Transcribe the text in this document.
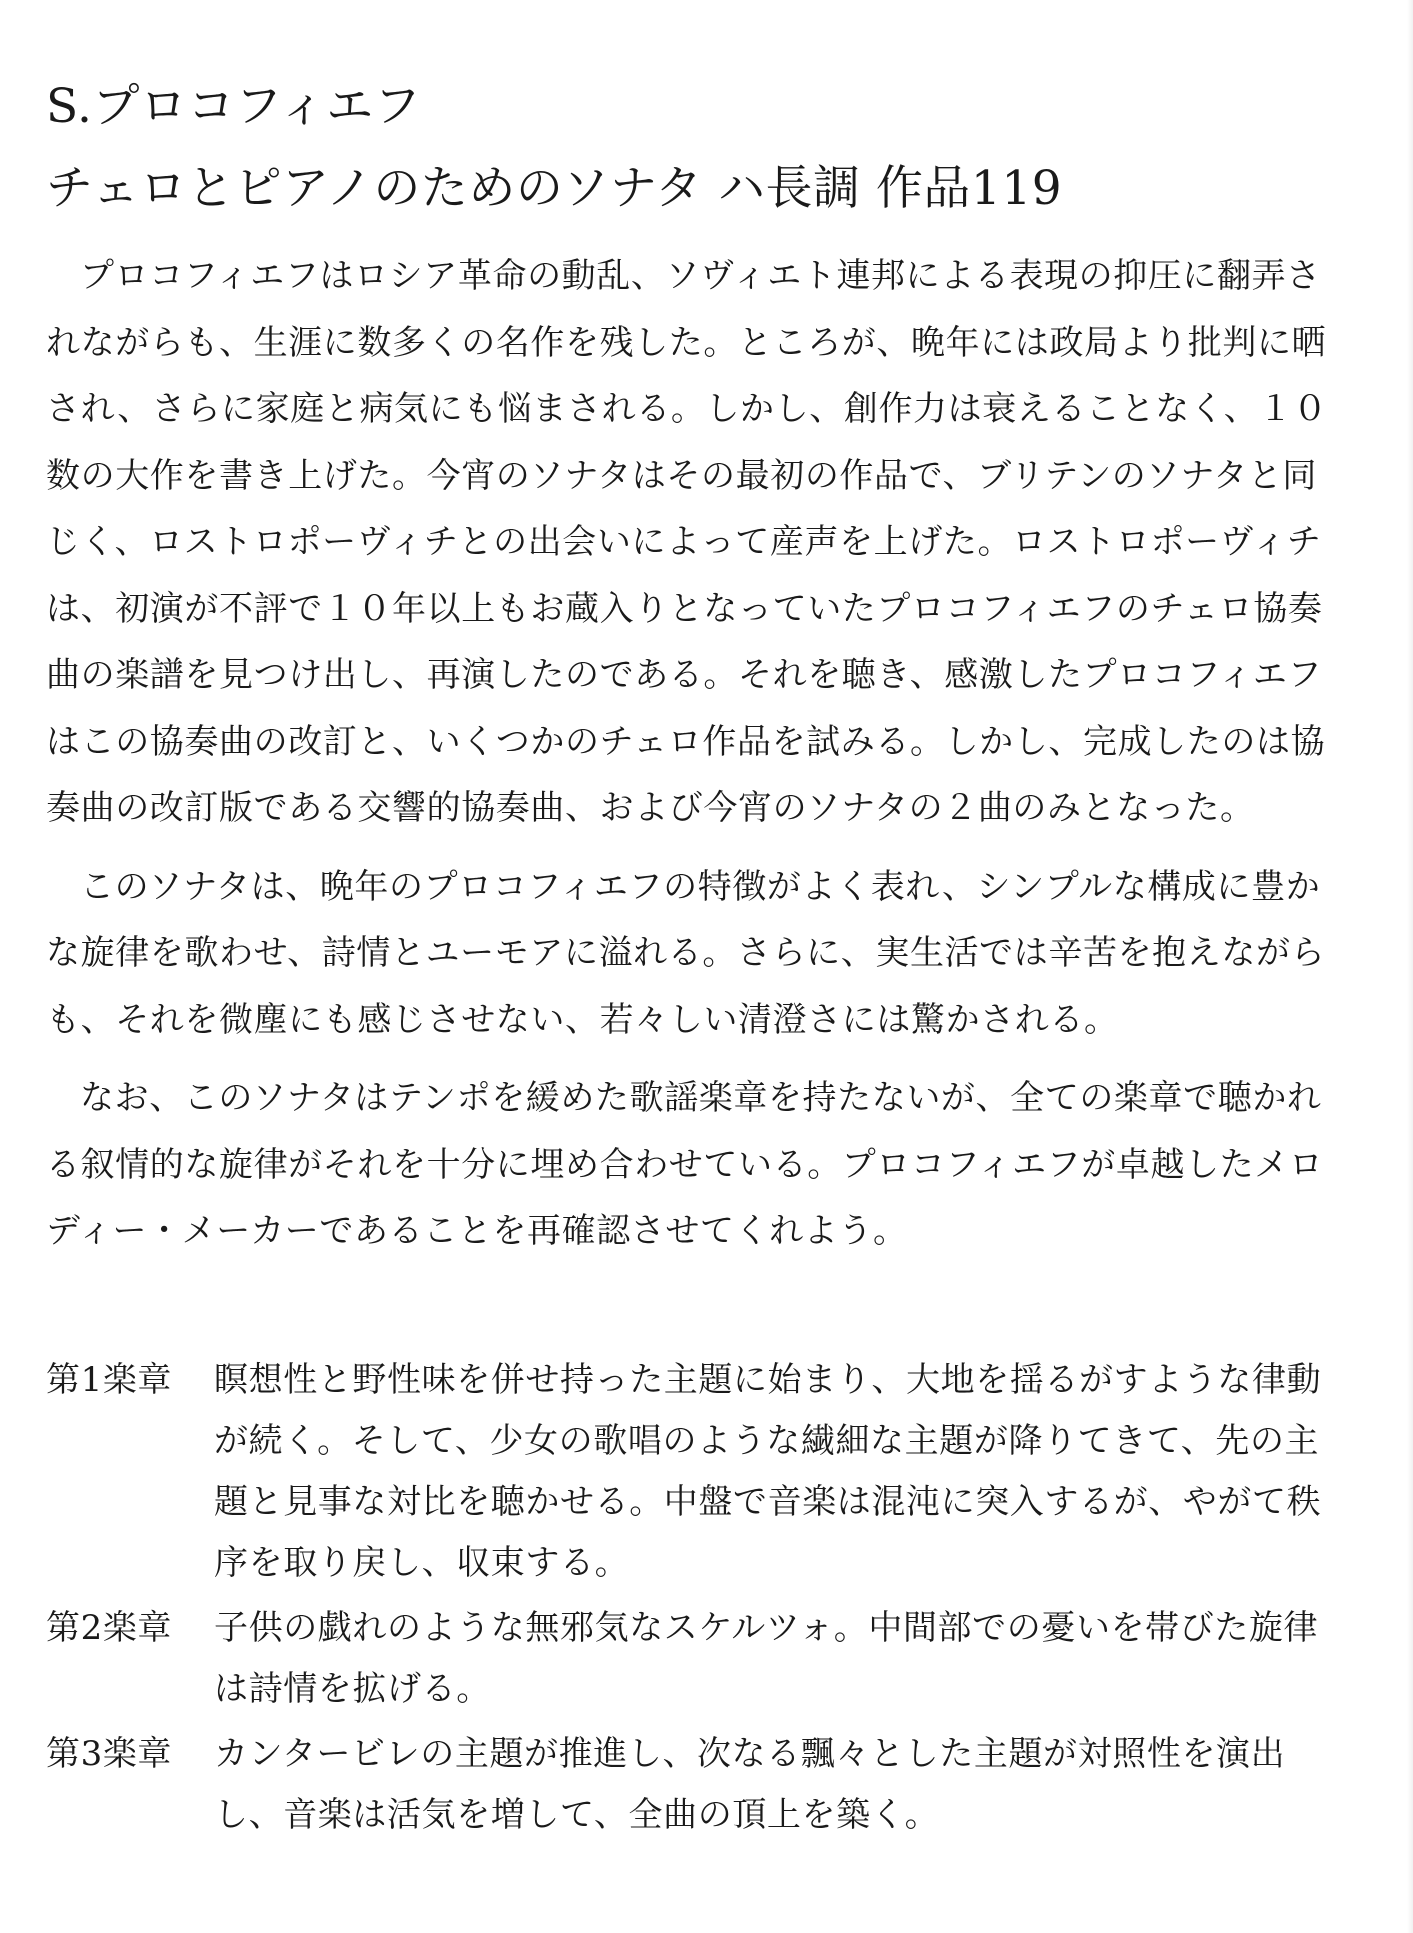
S.プロコフィエフ
チェロとピアノのためのソナタ ハ長調 作品119

プロコフィエフはロシア革命の動乱、ソヴィエト連邦による表現の抑圧に翻弄されながらも、生涯に数多くの名作を残した。ところが、晩年には政局より批判に晒され、さらに家庭と病気にも悩まされる。しかし、創作力は衰えることなく、１０数の大作を書き上げた。今宵のソナタはその最初の作品で、ブリテンのソナタと同じく、ロストロポーヴィチとの出会いによって産声を上げた。ロストロポーヴィチは、初演が不評で１０年以上もお蔵入りとなっていたプロコフィエフのチェロ協奏曲の楽譜を見つけ出し、再演したのである。それを聴き、感激したプロコフィエフはこの協奏曲の改訂と、いくつかのチェロ作品を試みる。しかし、完成したのは協奏曲の改訂版である交響的協奏曲、および今宵のソナタの２曲のみとなった。

このソナタは、晩年のプロコフィエフの特徴がよく表れ、シンプルな構成に豊かな旋律を歌わせ、詩情とユーモアに溢れる。さらに、実生活では辛苦を抱えながらも、それを微塵にも感じさせない、若々しい清澄さには驚かされる。

なお、このソナタはテンポを緩めた歌謡楽章を持たないが、全ての楽章で聴かれる叙情的な旋律がそれを十分に埋め合わせている。プロコフィエフが卓越したメロディー・メーカーであることを再確認させてくれよう。

第1楽章	瞑想性と野性味を併せ持った主題に始まり、大地を揺るがすような律動が続く。そして、少女の歌唱のような繊細な主題が降りてきて、先の主題と見事な対比を聴かせる。中盤で音楽は混沌に突入するが、やがて秩序を取り戻し、収束する。
第2楽章	子供の戯れのような無邪気なスケルツォ。中間部での憂いを帯びた旋律は詩情を拡げる。
第3楽章	カンタービレの主題が推進し、次なる飄々とした主題が対照性を演出し、音楽は活気を増して、全曲の頂上を築く。
